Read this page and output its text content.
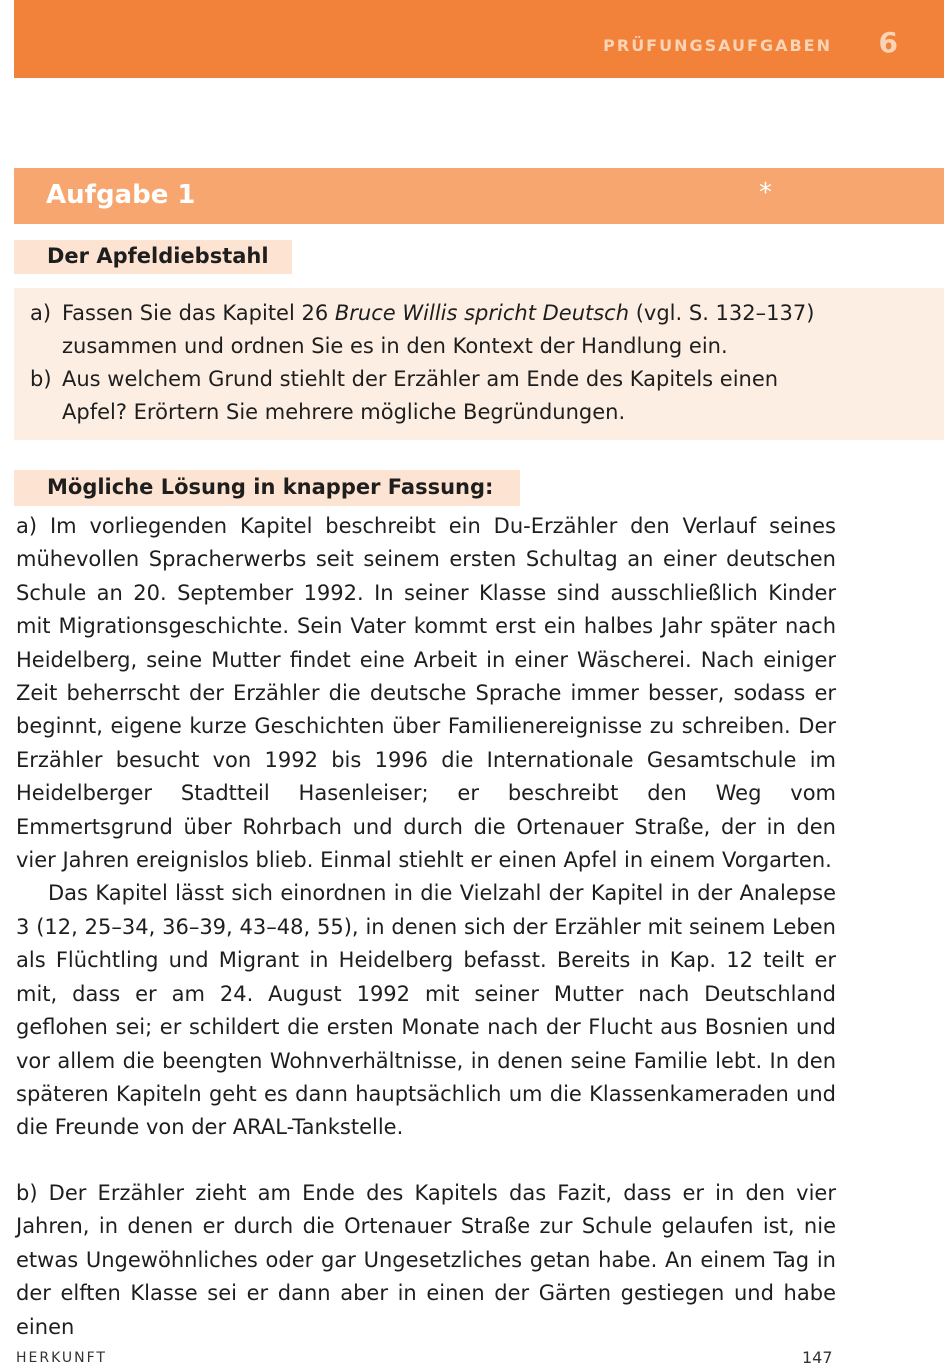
PRÜFUNGSAUFGABEN 6
Aufgabe 1	*
Der Apfeldiebstahl
a) Fassen Sie das Kapitel 26 Bruce Willis spricht Deutsch (vgl. S. 132–137)
zusammen und ordnen Sie es in den Kontext der Handlung ein.
b) Aus welchem Grund stiehlt der Erzähler am Ende des Kapitels einen
Apfel? Erörtern Sie mehrere mögliche Begründungen.
Mögliche Lösung in knapper Fassung:
a) Im vorliegenden Kapitel beschreibt ein Du-Erzähler den Verlauf seines mühevollen Spracherwerbs seit seinem ersten Schultag an einer deutschen Schule an 20. September 1992. In seiner Klasse sind ausschließlich Kinder mit Migrationsgeschichte. Sein Vater kommt erst ein halbes Jahr später nach Heidelberg, seine Mutter findet eine Arbeit in einer Wäscherei. Nach einiger Zeit beherrscht der Erzähler die deutsche Sprache immer besser, sodass er beginnt, eigene kurze Geschichten über Familienereignisse zu schreiben. Der Erzähler besucht von 1992 bis 1996 die Internationale Gesamtschule im Heidelberger Stadtteil Hasenleiser; er beschreibt den Weg vom Emmertsgrund über Rohrbach und durch die Ortenauer Straße, der in den vier Jahren ereignislos blieb. Einmal stiehlt er einen Apfel in einem Vorgarten.
Das Kapitel lässt sich einordnen in die Vielzahl der Kapitel in der Analepse 3 (12, 25–34, 36–39, 43–48, 55), in denen sich der Erzähler mit seinem Leben als Flüchtling und Migrant in Heidelberg befasst. Bereits in Kap. 12 teilt er mit, dass er am 24. August 1992 mit seiner Mutter nach Deutschland geflohen sei; er schildert die ersten Monate nach der Flucht aus Bosnien und vor allem die beengten Wohnverhältnisse, in denen seine Familie lebt. In den späteren Kapiteln geht es dann hauptsächlich um die Klassenkameraden und die Freunde von der ARAL-Tankstelle.
b) Der Erzähler zieht am Ende des Kapitels das Fazit, dass er in den vier Jahren, in denen er durch die Ortenauer Straße zur Schule gelaufen ist, nie etwas Ungewöhnliches oder gar Ungesetzliches getan habe. An einem Tag in der elften Klasse sei er dann aber in einen der Gärten gestiegen und habe einen
HERKUNFT	147
